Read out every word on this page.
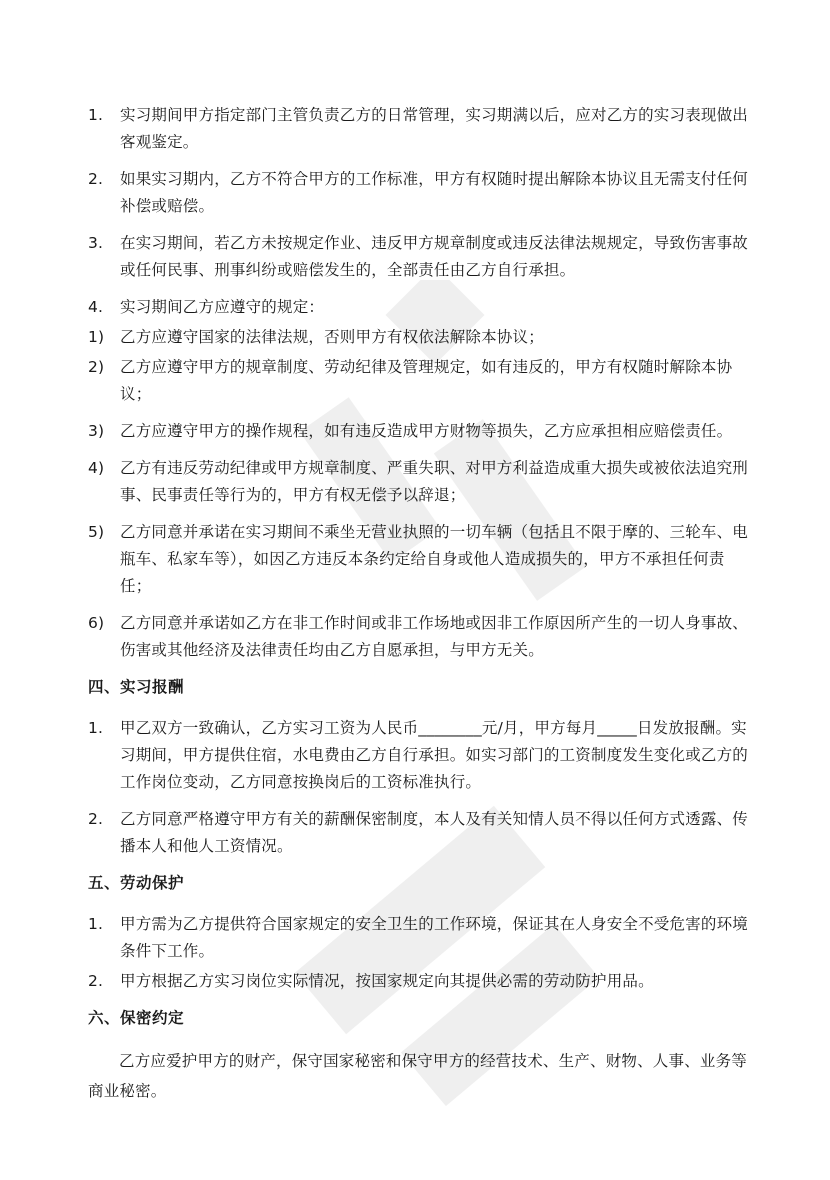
1.	实习期间甲方指定部门主管负责乙方的日常管理，实习期满以后，应对乙方的实习表现做出客观鉴定。
2.	如果实习期内，乙方不符合甲方的工作标准，甲方有权随时提出解除本协议且无需支付任何补偿或赔偿。
3.	在实习期间，若乙方未按规定作业、违反甲方规章制度或违反法律法规规定，导致伤害事故或任何民事、刑事纠纷或赔偿发生的，全部责任由乙方自行承担。
4.	实习期间乙方应遵守的规定：
1)	乙方应遵守国家的法律法规，否则甲方有权依法解除本协议；
2)	乙方应遵守甲方的规章制度、劳动纪律及管理规定，如有违反的，甲方有权随时解除本协议；
3)	乙方应遵守甲方的操作规程，如有违反造成甲方财物等损失，乙方应承担相应赔偿责任。
4)	乙方有违反劳动纪律或甲方规章制度、严重失职、对甲方利益造成重大损失或被依法追究刑事、民事责任等行为的，甲方有权无偿予以辞退；
5)	乙方同意并承诺在实习期间不乘坐无营业执照的一切车辆（包括且不限于摩的、三轮车、电瓶车、私家车等），如因乙方违反本条约定给自身或他人造成损失的，甲方不承担任何责任；
6)	乙方同意并承诺如乙方在非工作时间或非工作场地或因非工作原因所产生的一切人身事故、伤害或其他经济及法律责任均由乙方自愿承担，与甲方无关。
四、实习报酬
1.	甲乙双方一致确认，乙方实习工资为人民币________元/月，甲方每月_____日发放报酬。实习期间，甲方提供住宿，水电费由乙方自行承担。如实习部门的工资制度发生变化或乙方的工作岗位变动，乙方同意按换岗后的工资标准执行。
2.	乙方同意严格遵守甲方有关的薪酬保密制度，本人及有关知情人员不得以任何方式透露、传播本人和他人工资情况。
五、劳动保护
1.	甲方需为乙方提供符合国家规定的安全卫生的工作环境，保证其在人身安全不受危害的环境条件下工作。
2.	甲方根据乙方实习岗位实际情况，按国家规定向其提供必需的劳动防护用品。
六、保密约定
乙方应爱护甲方的财产，保守国家秘密和保守甲方的经营技术、生产、财物、人事、业务等商业秘密。
